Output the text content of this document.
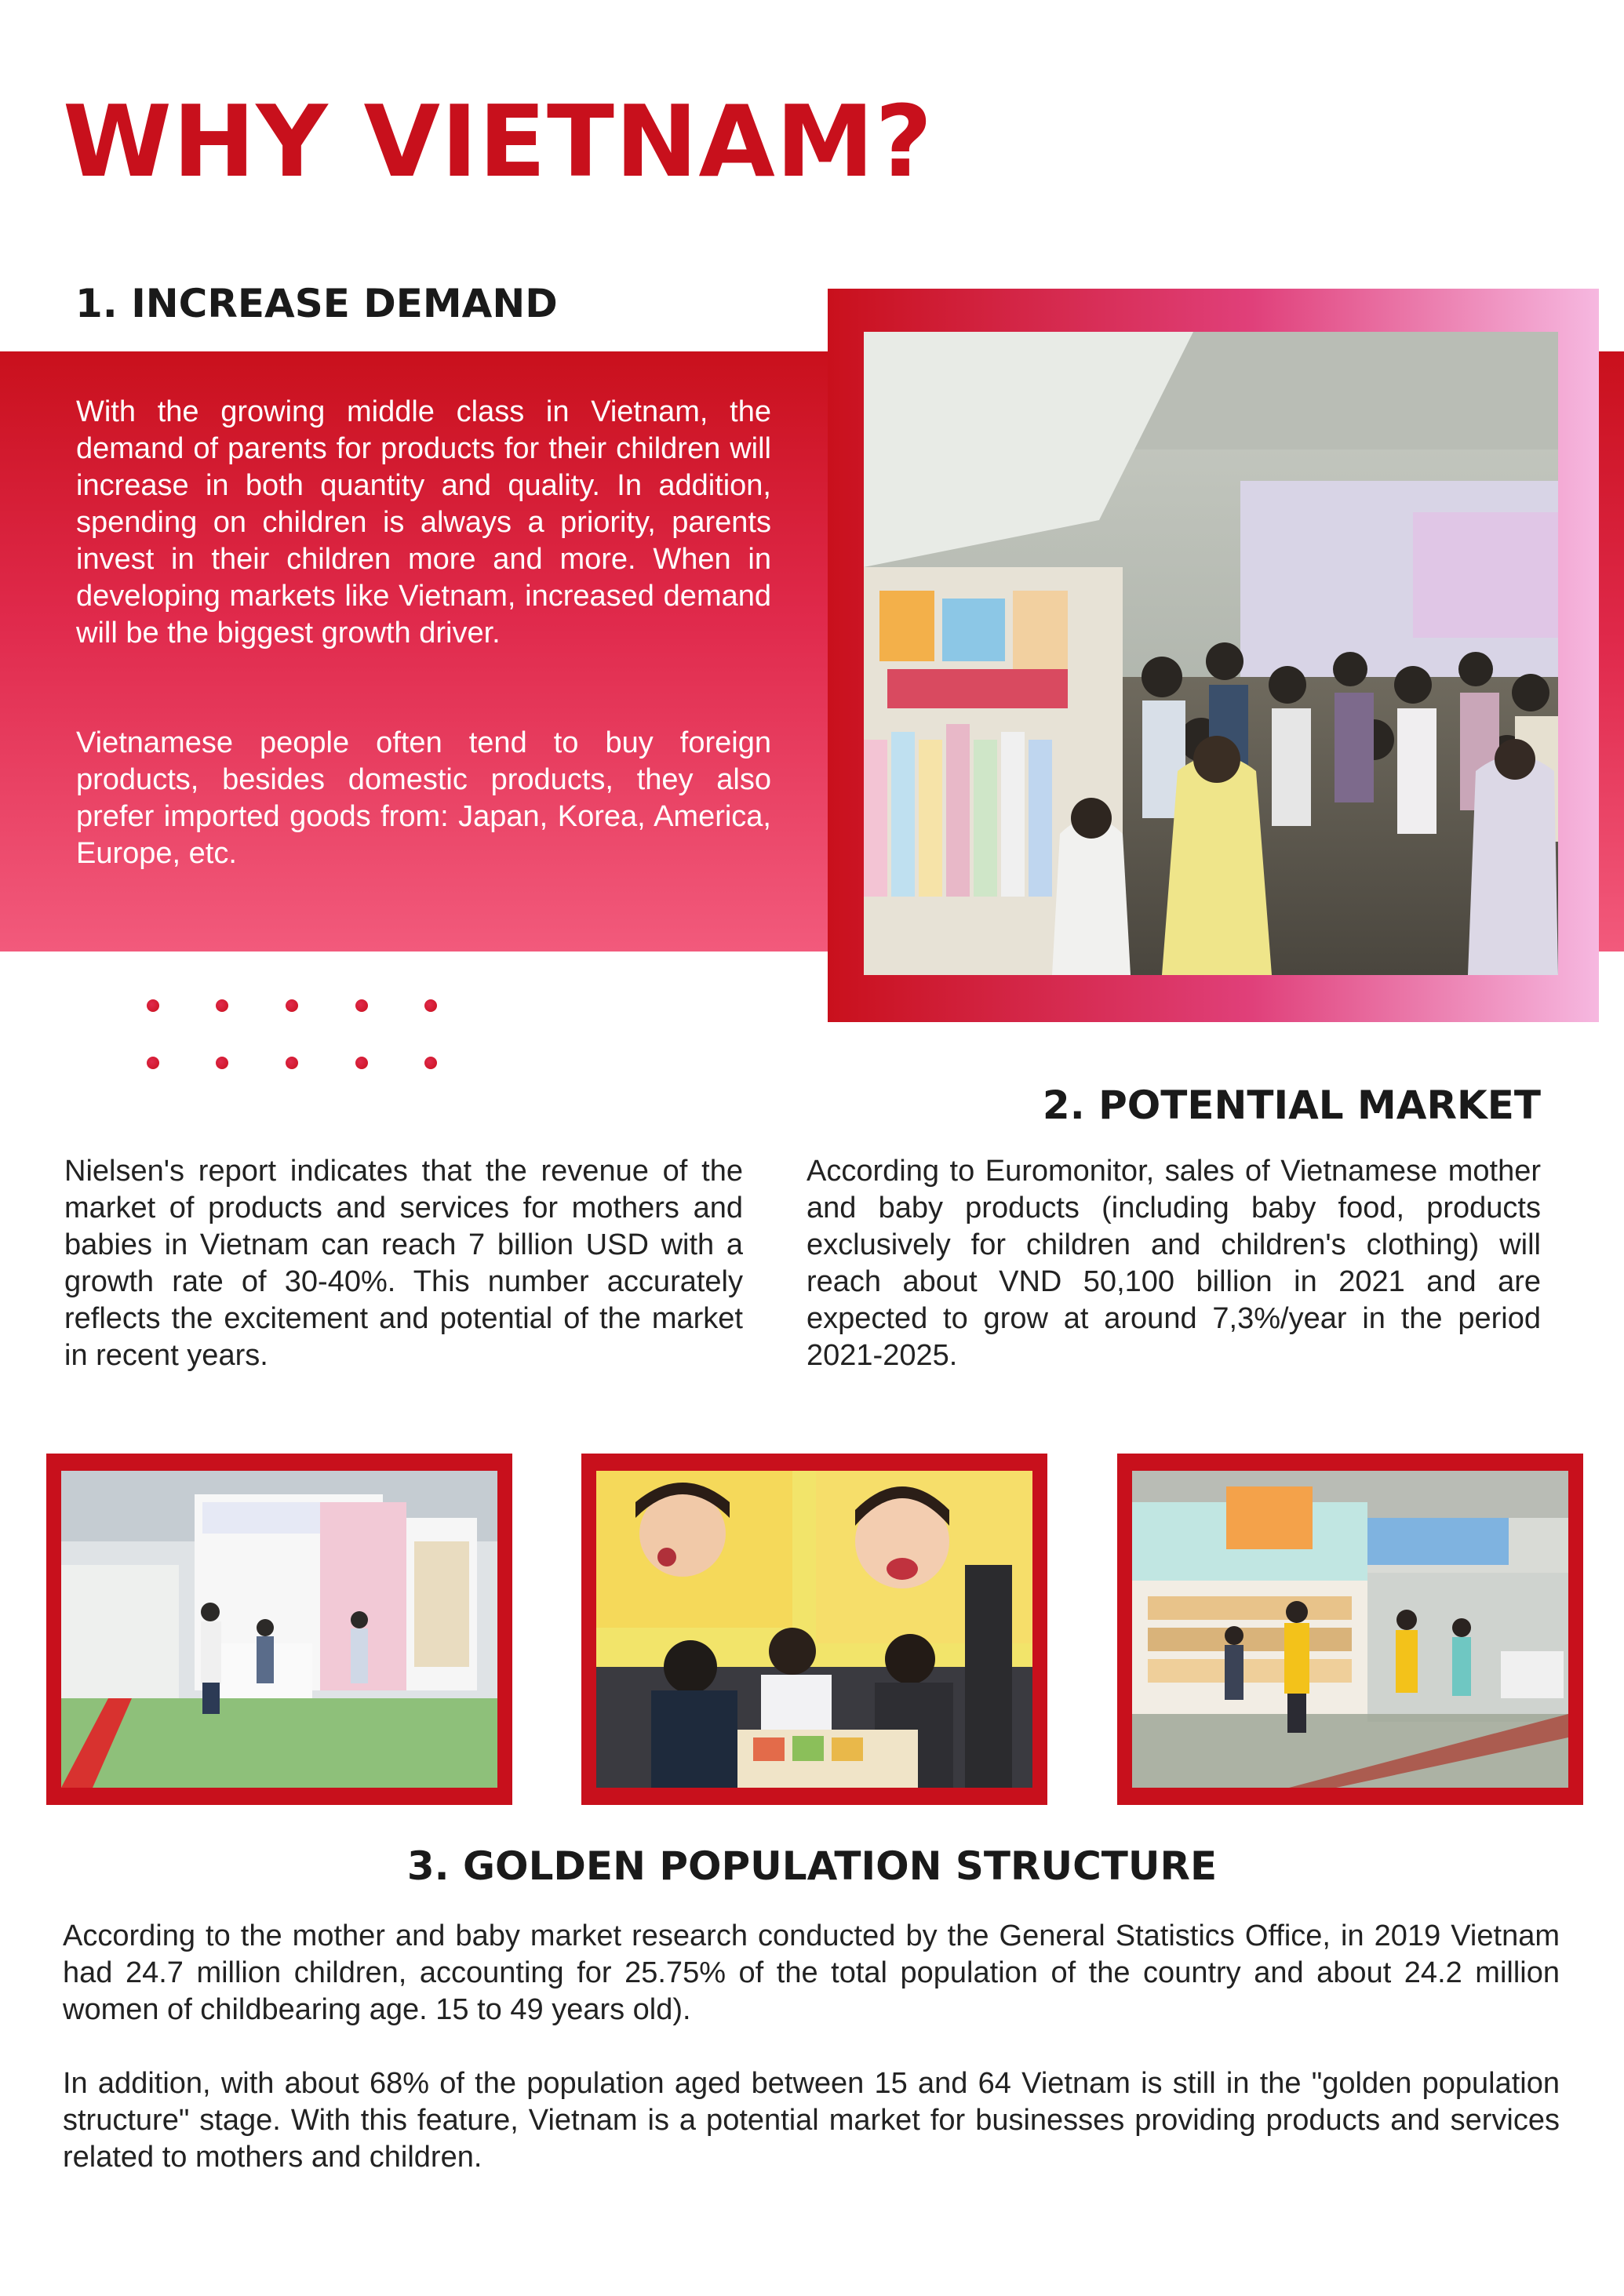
WHY VIETNAM?
1. INCREASE DEMAND

With the growing middle class in Vietnam, the demand of parents for products for their children will increase in both quantity and quality. In addition, spending on children is always a priority, parents invest in their children more and more. When in developing markets like Vietnam, increased demand will be the biggest growth driver.

Vietnamese people often tend to buy foreign products, besides domestic products, they also prefer imported goods from: Japan, Korea, America, Europe, etc.

2. POTENTIAL MARKET

Nielsen's report indicates that the revenue of the market of products and services for mothers and babies in Vietnam can reach 7 billion USD with a growth rate of 30-40%. This number accurately reflects the excitement and potential of the market in recent years.

According to Euromonitor, sales of Vietnamese mother and baby products (including baby food, products exclusively for children and children's clothing) will reach about VND 50,100 billion in 2021 and are expected to grow at around 7,3%/year in the period 2021-2025.

3. GOLDEN POPULATION STRUCTURE

According to the mother and baby market research conducted by the General Statistics Office, in 2019 Vietnam had 24.7 million children, accounting for 25.75% of the total population of the country and about 24.2 million women of childbearing age. 15 to 49 years old).

In addition, with about 68% of the population aged between 15 and 64 Vietnam is still in the "golden population structure" stage. With this feature, Vietnam is a potential market for businesses providing products and services related to mothers and children.
